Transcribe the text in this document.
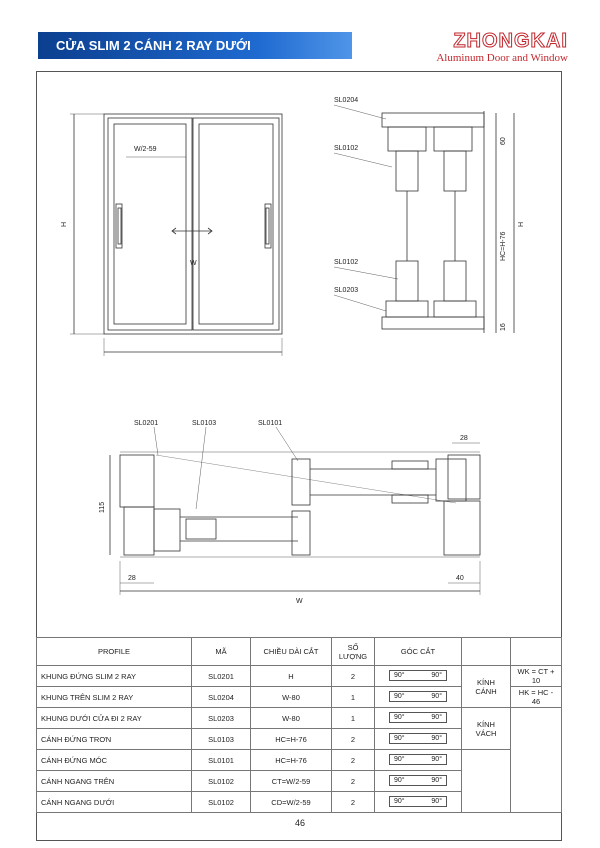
CỬA SLIM 2 CÁNH 2 RAY DƯỚI	ZHONGKAI
Aluminum Door and Window
W
H
W/2-59
SL0204
SL0102
SL0102
SL0203
60
HC=H-76
16
H
SL0201	SL0103	SL0101
115
28
28	40
W
PROFILE	MÃ	CHIỀU DÀI CẮT	SỐ LƯỢNG	GÓC CẮT		
KHUNG ĐỨNG SLIM 2 RAY	SL0201	H	2	90° 90°	KÍNH CÁNH	WK = CT + 10
KHUNG TRÊN SLIM 2 RAY	SL0204	W-80	1	90° 90°		HK = HC - 46
KHUNG DƯỚI CỬA ĐI 2 RAY	SL0203	W-80	1	90° 90°	KÍNH VÁCH	
CÁNH ĐỨNG TRƠN	SL0103	HC=H-76	2	90° 90°		

CÁNH ĐỨNG MÓC	SL0101	HC=H-76	2	90° 90°		

CÁNH NGANG TRÊN	SL0102	CT=W/2-59	2	90° 90°		

CÁNH NGANG DƯỚI	SL0102	CD=W/2-59	2	90° 90°		
46
